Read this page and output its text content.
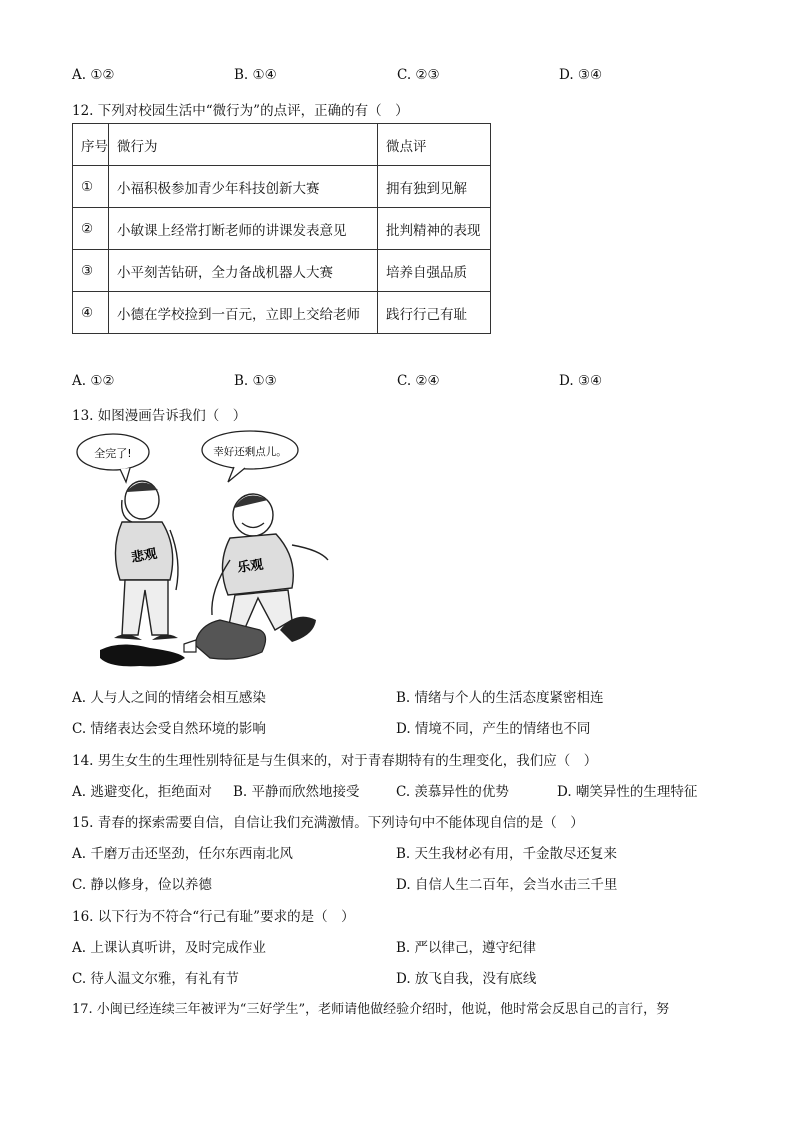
A. ①②	B. ①④	C. ②③	D. ③④
12. 下列对校园生活中“微行为”的点评，正确的有（　）
序号	微行为	微点评
①	小福积极参加青少年科技创新大赛	拥有独到见解
②	小敏课上经常打断老师的讲课发表意见	批判精神的表现
③	小平刻苦钻研，全力备战机器人大赛	培养自强品质
④	小德在学校捡到一百元，立即上交给老师	践行行己有耻
A. ①②	B. ①③	C. ②④	D. ③④
13. 如图漫画告诉我们（　）
全完了!	幸好还剩点儿。
悲观
乐观
A. 人与人之间的情绪会相互感染	B. 情绪与个人的生活态度紧密相连
C. 情绪表达会受自然环境的影响	D. 情境不同，产生的情绪也不同
14. 男生女生的生理性别特征是与生俱来的，对于青春期特有的生理变化，我们应（　）
A. 逃避变化，拒绝面对 B. 平静而欣然地接受	C. 羡慕异性的优势	D. 嘲笑异性的生理特征
15. 青春的探索需要自信，自信让我们充满激情。下列诗句中不能体现自信的是（　）
A. 千磨万击还坚劲，任尔东西南北风	B. 天生我材必有用，千金散尽还复来
C. 静以修身，俭以养德	D. 自信人生二百年，会当水击三千里
16. 以下行为不符合“行己有耻”要求的是（　）
A. 上课认真听讲，及时完成作业	B. 严以律己，遵守纪律
C. 待人温文尔雅，有礼有节	D. 放飞自我，没有底线
17. 小闽已经连续三年被评为“三好学生”，老师请他做经验介绍时，他说，他时常会反思自己的言行，努
